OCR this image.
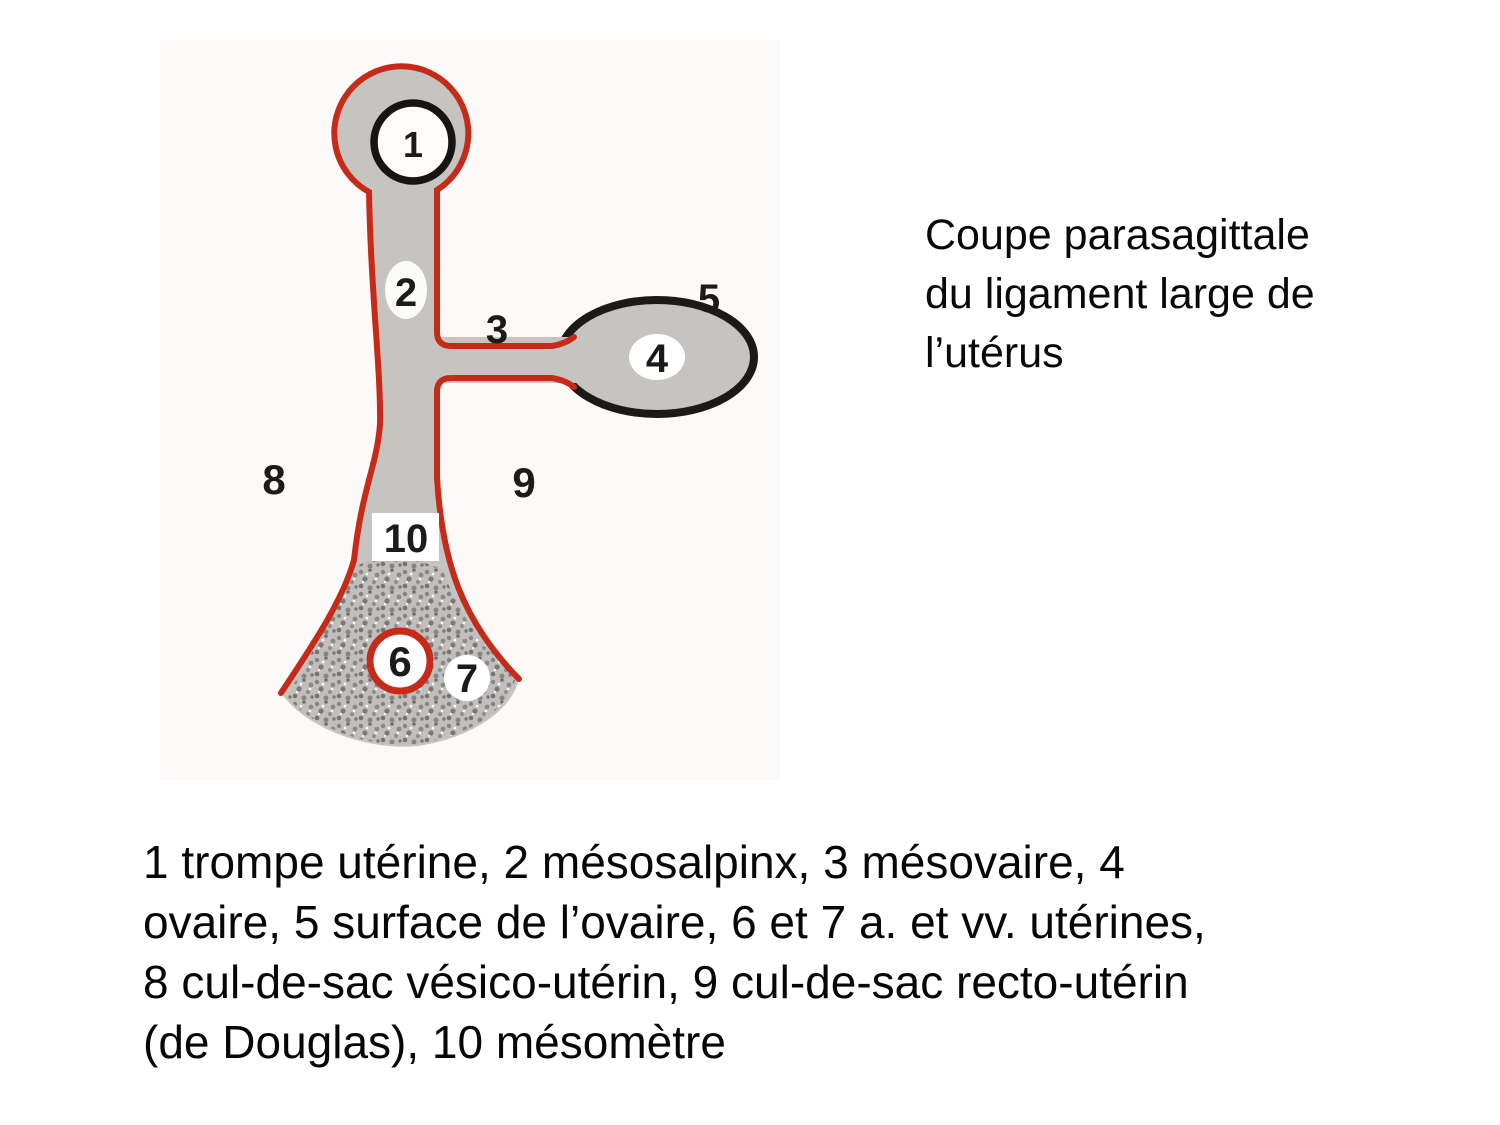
1
2
3
4
5
6 7
8	9
10
Coupe parasagittale
du ligament large de
l’utérus
1 trompe utérine, 2 mésosalpinx, 3 mésovaire, 4
ovaire, 5 surface de l’ovaire, 6 et 7 a. et vv. utérines,
8 cul-de-sac vésico-utérin, 9 cul-de-sac recto-utérin
(de Douglas), 10 mésomètre
